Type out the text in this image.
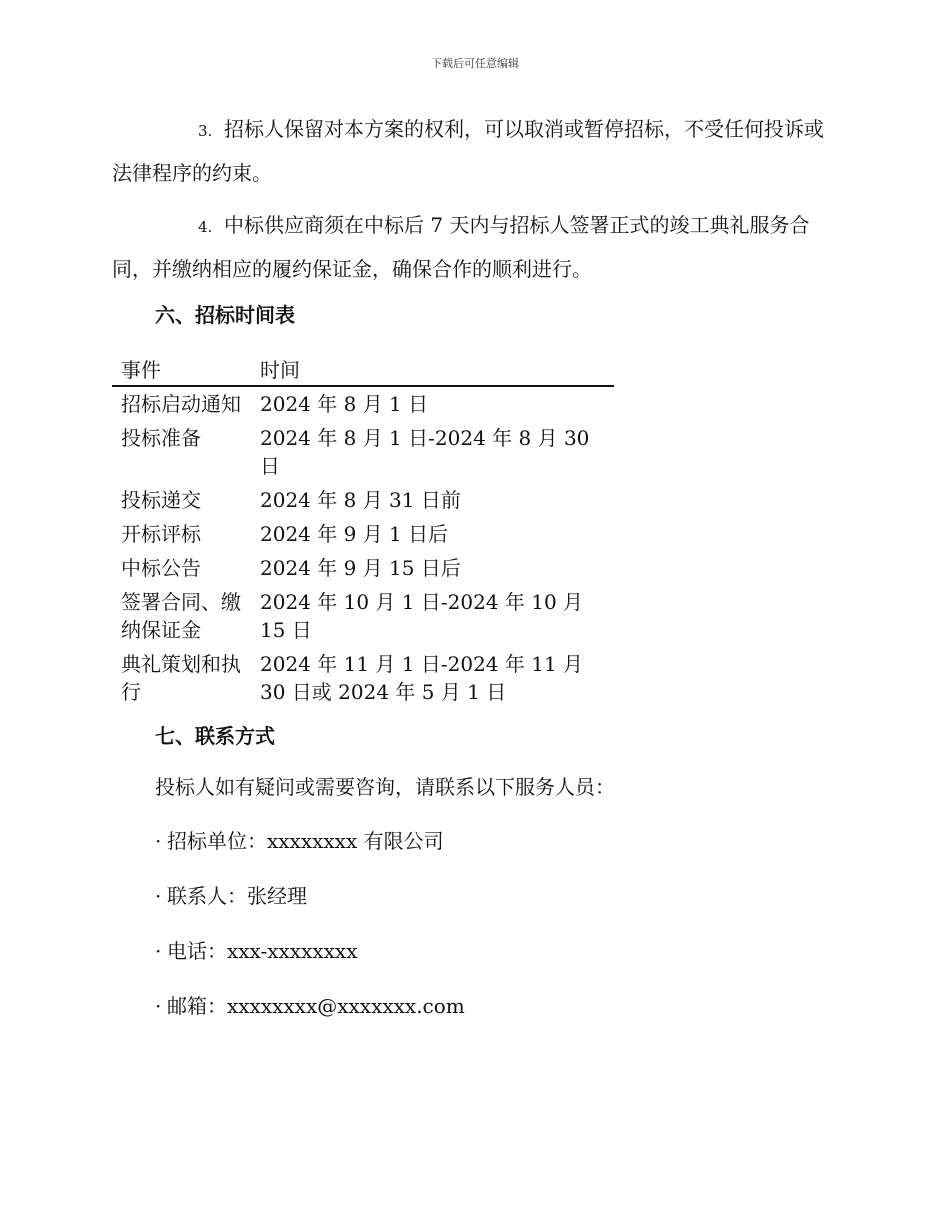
下载后可任意编辑

3. 招标人保留对本方案的权利，可以取消或暂停招标，不受任何投诉或法律程序的约束。

4. 中标供应商须在中标后 7 天内与招标人签署正式的竣工典礼服务合同，并缴纳相应的履约保证金，确保合作的顺利进行。

六、招标时间表
事件	时间
招标启动通知	2024 年 8 月 1 日
投标准备	2024 年 8 月 1 日-2024 年 8 月 30 日
投标递交	2024 年 8 月 31 日前
开标评标	2024 年 9 月 1 日后
中标公告	2024 年 9 月 15 日后
签署合同、缴纳保证金	2024 年 10 月 1 日-2024 年 10 月 15 日
典礼策划和执行	2024 年 11 月 1 日-2024 年 11 月 30 日或 2024 年 5 月 1 日
七、联系方式
投标人如有疑问或需要咨询，请联系以下服务人员：
· 招标单位：xxxxxxxx 有限公司
· 联系人：张经理
· 电话：xxx-xxxxxxxx
· 邮箱：xxxxxxxx@xxxxxxx.com
